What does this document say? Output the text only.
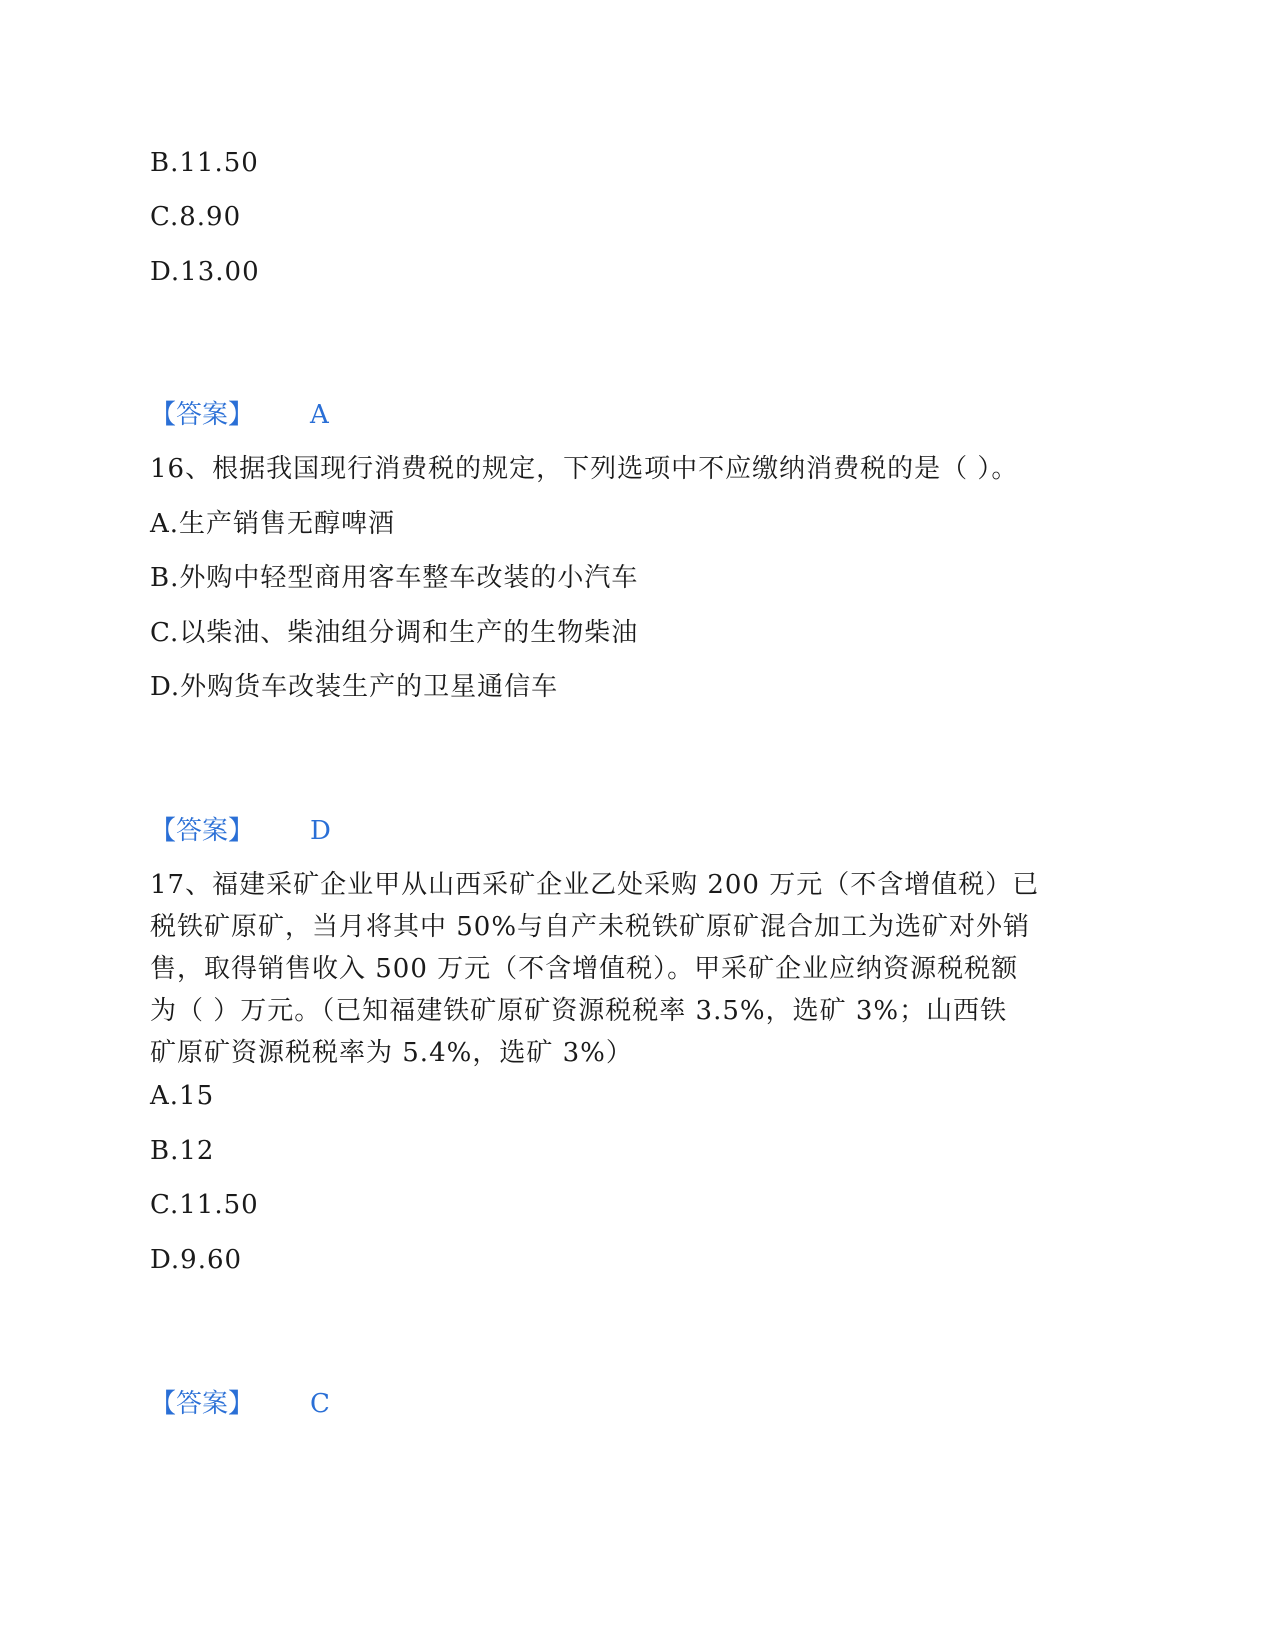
B.11.50
C.8.90
D.13.00
【答案】 A
16、根据我国现行消费税的规定，下列选项中不应缴纳消费税的是（ ）。
A.生产销售无醇啤酒
B.外购中轻型商用客车整车改装的小汽车
C.以柴油、柴油组分调和生产的生物柴油
D.外购货车改装生产的卫星通信车
【答案】 D
17、福建采矿企业甲从山西采矿企业乙处采购 200 万元（不含增值税）已
税铁矿原矿，当月将其中 50%与自产未税铁矿原矿混合加工为选矿对外销
售，取得销售收入 500 万元（不含增值税）。甲采矿企业应纳资源税税额
为（ ）万元。（已知福建铁矿原矿资源税税率 3.5%，选矿 3%；山西铁
矿原矿资源税税率为 5.4%，选矿 3%）
A.15
B.12
C.11.50
D.9.60
【答案】 C
